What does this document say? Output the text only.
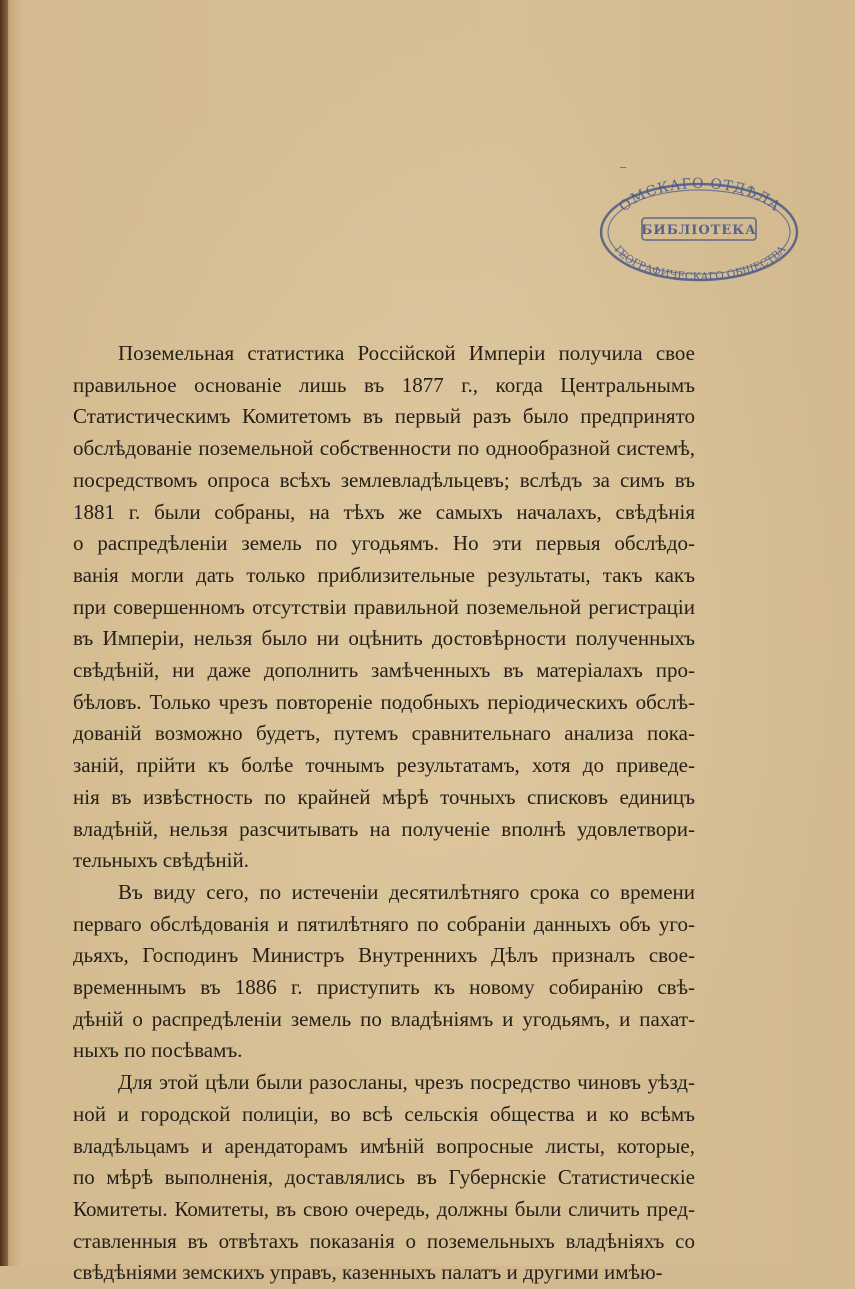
–
ОМСКАГО ОТДѢЛА
БИБЛІОТЕКА
ГЕОГРАФИЧЕСКАГО ОБЩЕСТВА

Поземельная статистика Россійской Имперіи получила свое
правильное основаніе лишь въ 1877 г., когда Центральнымъ
Статистическимъ Комитетомъ въ первый разъ было предпринято
обслѣдованіе поземельной собственности по однообразной системѣ,
посредствомъ опроса всѣхъ землевладѣльцевъ; вслѣдъ за симъ въ
1881 г. были собраны, на тѣхъ же самыхъ началахъ, свѣдѣнія
о распредѣленіи земель по угодьямъ. Но эти первыя обслѣдо-
ванія могли дать только приблизительные результаты, такъ какъ
при совершенномъ отсутствіи правильной поземельной регистраціи
въ Имперіи, нельзя было ни оцѣнить достовѣрности полученныхъ
свѣдѣній, ни даже дополнить замѣченныхъ въ матеріалахъ про-
бѣловъ. Только чрезъ повтореніе подобныхъ періодическихъ обслѣ-
дованій возможно будетъ, путемъ сравнительнаго анализа пока-
заній, прійти къ болѣе точнымъ результатамъ, хотя до приведе-
нія въ извѣстность по крайней мѣрѣ точныхъ списковъ единицъ
владѣній, нельзя разсчитывать на полученіе вполнѣ удовлетвори-
тельныхъ свѣдѣній.

Въ виду сего, по истеченіи десятилѣтняго срока со времени
перваго обслѣдованія и пятилѣтняго по собраніи данныхъ объ уго-
дьяхъ, Господинъ Министръ Внутреннихъ Дѣлъ призналъ свое-
временнымъ въ 1886 г. приступить къ новому собиранію свѣ-
дѣній о распредѣленіи земель по владѣніямъ и угодьямъ, и пахат-
ныхъ по посѣвамъ.

Для этой цѣли были разосланы, чрезъ посредство чиновъ уѣзд-
ной и городской полиціи, во всѣ сельскія общества и ко всѣмъ
владѣльцамъ и арендаторамъ имѣній вопросные листы, которые,
по мѣрѣ выполненія, доставлялись въ Губернскіе Статистическіе
Комитеты. Комитеты, въ свою очередь, должны были сличить пред-
ставленныя въ отвѣтахъ показанія о поземельныхъ владѣніяхъ со
свѣдѣніями земскихъ управъ, казенныхъ палатъ и другими имѣю-
